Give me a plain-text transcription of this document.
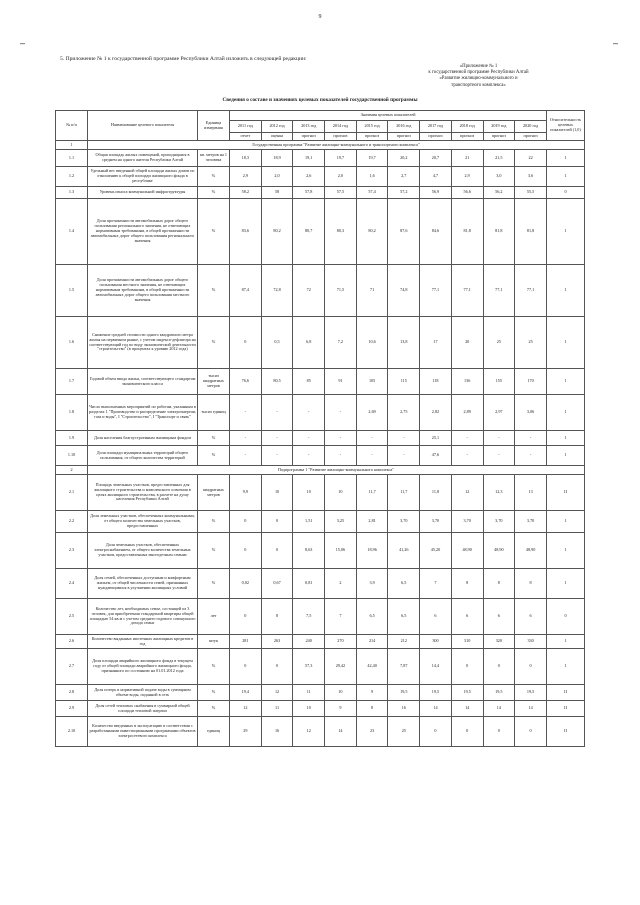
–	–
9
5. Приложение № 1 к государственной программе Республики Алтай изложить в следующей редакции:
«Приложение № 1
к государственной программе Республики Алтай
«Развитие жилищно-коммунального и
транспортного комплекса»
Сведения о составе и значениях целевых показателей государственной программы
№ п/п	Наименование целевого показателя	Единица измерения	Значения целевых показателей										Относительность целевых показателей (1,0)
			2011 год	2012 год	2013 год	2014 год	2015 год	2016 год	2017 год	2018 год	2019 год	2020 год	
			отчет	оценка	прогноз	прогноз	прогноз	прогноз	прогноз	прогноз	прогноз	прогноз	
1	Государственная программа "Развитие жилищно-коммунального и транспортного комплекса"												
1.1	Общая площадь жилых помещений, приходящаяся в среднем на одного жителя Республики Алтай	кв. метров на 1 человека	18,3	18,9	19,1	19,7	19,7	20,2	20,7	21	21,5	22	1
1.2	Удельный вес введенной общей площади жилых домов по отношению к общей площади жилищного фонда в республике	%	2,9	2,0	2,6	2,0	1,6	2,7	4,7	2,9	3,0	3,6	1
1.3	Уровень износа коммунальной инфраструктуры	%	58,2	58	57,8	57,5	57,4	57,2	56,9	56,6	56,2	55,5	0
1.4	Доля протяженности автомобильных дорог общего пользования регионального значения, не отвечающих нормативным требованиям, в общей протяженности автомобильных дорог общего пользования регионального значения	%	83,6	80,2	80,7	80,3	80,2	87,6	84,6	81,8	81,8	81,8	1
1.5	Доля протяженности автомобильных дорог общего пользования местного значения, не отвечающих нормативным требованиям, в общей протяженности автомобильных дорог общего пользования местного значения	%	87,4	72,8	72	71,5	71	74,8	77,1	77,1	77,1	77,1	1
1.6	Снижение средней стоимости одного квадратного метра жилья на первичном рынке, с учетом индекса-дефлятора на соответствующий год по виду экономической деятельности "строительство" (в процентах к уровню 2012 года)	%	0	0,5	6,8	7,2	10,6	13,8	17	20	25	25	1
1.7	Годовой объем ввода жилья, соответствующего стандартам экономического класса	тысяч квадратных метров	76,6	80,5	85	91	105	115	118	136	155	170	1
1.8	Число выполненных мероприятий по работам, указанным в разделах 1 "Производство и распределение электроэнергии, газа и воды", I "Строительство", I "Транспорт и связь"	тысяч единиц	-	-	-	-	2,69	2,75	2,82	2,89	2,97	3,06	1
1.9	Доля населения благоустроенным жилищным фондом	%	-	-	-	-	-	-	25,1	-	-	-	1
1.10	Доля площади муниципальных территорий общего пользования, от общего количества территорий	%	-	-	-	-	-	-	47,6	-	-	-	1
2	Подпрограмма 1 "Развитие жилищно-коммунального комплекса"												
2.1	Площадь земельных участков, предоставленных для жилищного строительства и комплексного освоения в целях жилищного строительства, в расчете на душу населения Республики Алтай	квадратных метров	9,9	10	10	10	11,7	11,7	11,8	12	12,3	13	II
2.2	Доля земельных участков, обеспеченных коммунальными, от общего количества земельных участков, предоставленных	%	0	0	1,51	3,25	2,81	3,70	3,70	3,70	3,70	3,70	1
2.3	Доля земельных участков, обеспеченных электроснабжением, от общего количества земельных участков, предоставленных многодетным семьям	%	0	0	8,63	15,06	18,96	41,26	45,20	48,90	48,90	48,90	1
2.4	Доля семей, обеспеченных доступным и комфортным жильем, от общей численности семей, признанных нуждающимися в улучшении жилищных условий	%	0,02	0,67	0,81	2	3,9	6,5	7	8	8	8	1
2.5	Количество лет, необходимых семье, состоящей из 3 человек, для приобретения стандартной квартиры общей площадью 54 кв.м с учетом среднего годового совокупного дохода семьи	лет	0	8	7,5	7	6,5	6,5	6	6	6	6	0
2.6	Количество выданных ипотечных жилищных кредитов в год	штук	281	263	240	270	214	212	300	310	320	330	1
2.7	Доля площади аварийного жилищного фонда в текущем году от общей площади аварийного жилищного фонда, признанного по состоянию на 01.01.2012 года	%	0	0	57,3	29,42	42,40	7,87	14,4	0	0	0	1
2.8	Доля потерь в нормативной подаче воды в суммарном объеме воды, поданной в сеть	%	19,4	12	11	10	9	19,5	19,5	19,5	19,5	19,5	II
2.9	Доля сетей тепловых снабжения в суммарной общей площади тепловой энергии	%	12	11	10	9	8	16	14	14	14	14	II
2.10	Количество введенных в эксплуатацию в соответствии с разработанными инвестиционными программами объектов электросетевого комплекса	единиц	29	16	12	14	23	25	0	0	0	0	II
